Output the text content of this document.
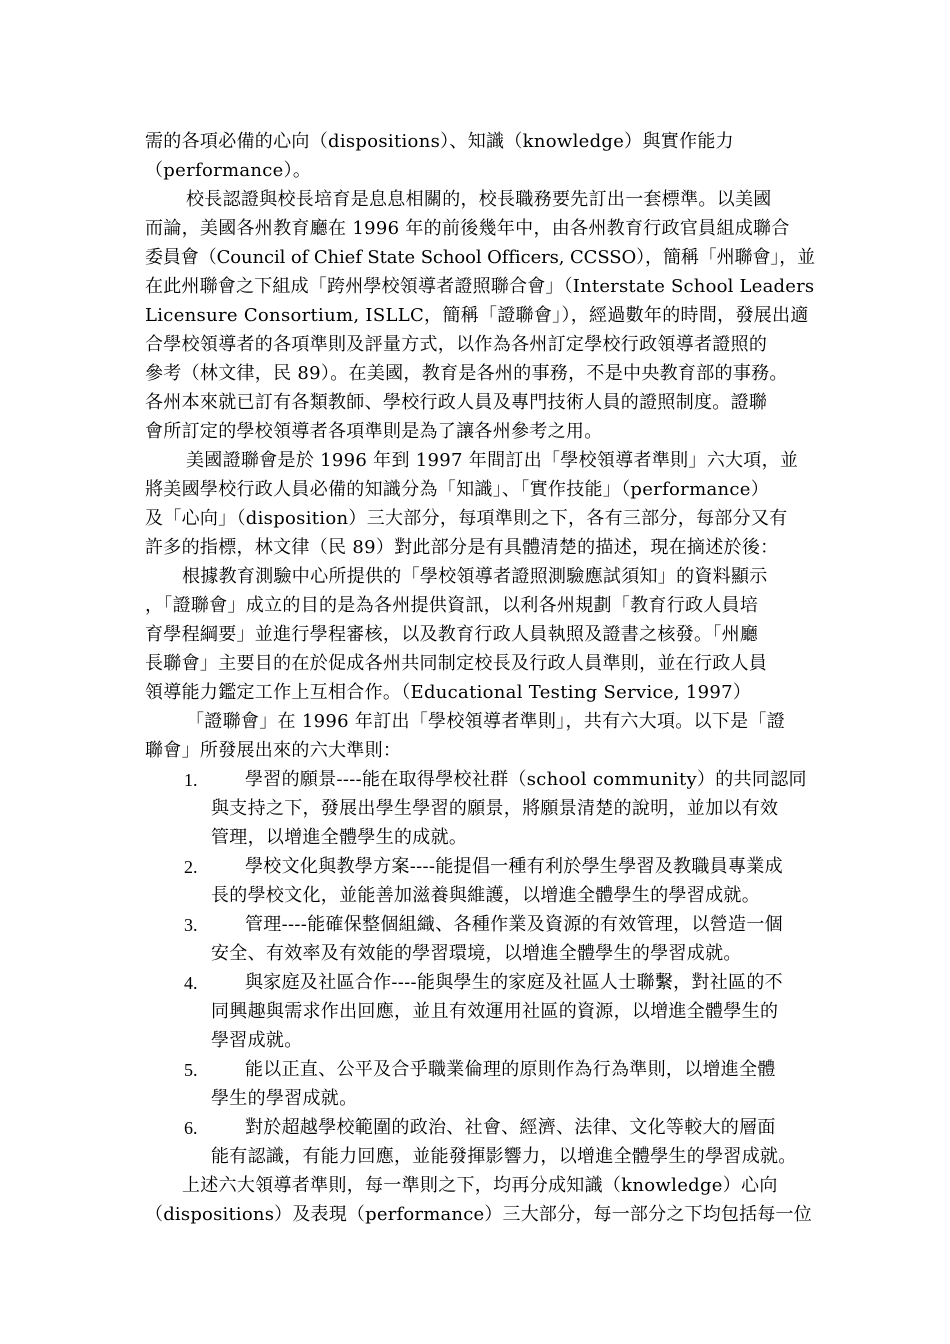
需的各項必備的心向（dispositions）、知識（knowledge）與實作能力
（performance）。
校長認證與校長培育是息息相關的，校長職務要先訂出一套標準。以美國
而論，美國各州教育廳在 1996 年的前後幾年中，由各州教育行政官員組成聯合
委員會（Council of Chief State School Officers, CCSSO），簡稱「州聯會」，並
在此州聯會之下組成「跨州學校領導者證照聯合會」（Interstate School Leaders
Licensure Consortium, ISLLC，簡稱「證聯會」），經過數年的時間，發展出適
合學校領導者的各項準則及評量方式，以作為各州訂定學校行政領導者證照的
參考（林文律，民 89）。在美國，教育是各州的事務，不是中央教育部的事務。
各州本來就已訂有各類教師、學校行政人員及專門技術人員的證照制度。證聯
會所訂定的學校領導者各項準則是為了讓各州參考之用。
美國證聯會是於 1996 年到 1997 年間訂出「學校領導者準則」六大項，並
將美國學校行政人員必備的知識分為「知識」、「實作技能」（performance）
及「心向」（disposition）三大部分，每項準則之下，各有三部分，每部分又有
許多的指標，林文律（民 89）對此部分是有具體清楚的描述，現在摘述於後：
根據教育測驗中心所提供的「學校領導者證照測驗應試須知」的資料顯示
，「證聯會」成立的目的是為各州提供資訊，以利各州規劃「教育行政人員培
育學程綱要」並進行學程審核，以及教育行政人員執照及證書之核發。「州廳
長聯會」主要目的在於促成各州共同制定校長及行政人員準則，並在行政人員
領導能力鑑定工作上互相合作。（Educational Testing Service, 1997）
「證聯會」在 1996 年訂出「學校領導者準則」，共有六大項。以下是「證
聯會」所發展出來的六大準則：
1.	學習的願景----能在取得學校社群（school community）的共同認同
與支持之下，發展出學生學習的願景，將願景清楚的說明，並加以有效
管理，以增進全體學生的成就。
2.	學校文化與教學方案----能提倡一種有利於學生學習及教職員專業成
長的學校文化，並能善加滋養與維護，以增進全體學生的學習成就。
3.	管理----能確保整個組織、各種作業及資源的有效管理，以營造一個
安全、有效率及有效能的學習環境，以增進全體學生的學習成就。
4.	與家庭及社區合作----能與學生的家庭及社區人士聯繫，對社區的不
同興趣與需求作出回應，並且有效運用社區的資源，以增進全體學生的
學習成就。
5.	能以正直、公平及合乎職業倫理的原則作為行為準則，以增進全體
學生的學習成就。
6.	對於超越學校範圍的政治、社會、經濟、法律、文化等較大的層面
能有認識，有能力回應，並能發揮影響力，以增進全體學生的學習成就。
上述六大領導者準則，每一準則之下，均再分成知識（knowledge）心向
（dispositions）及表現（performance）三大部分，每一部分之下均包括每一位
